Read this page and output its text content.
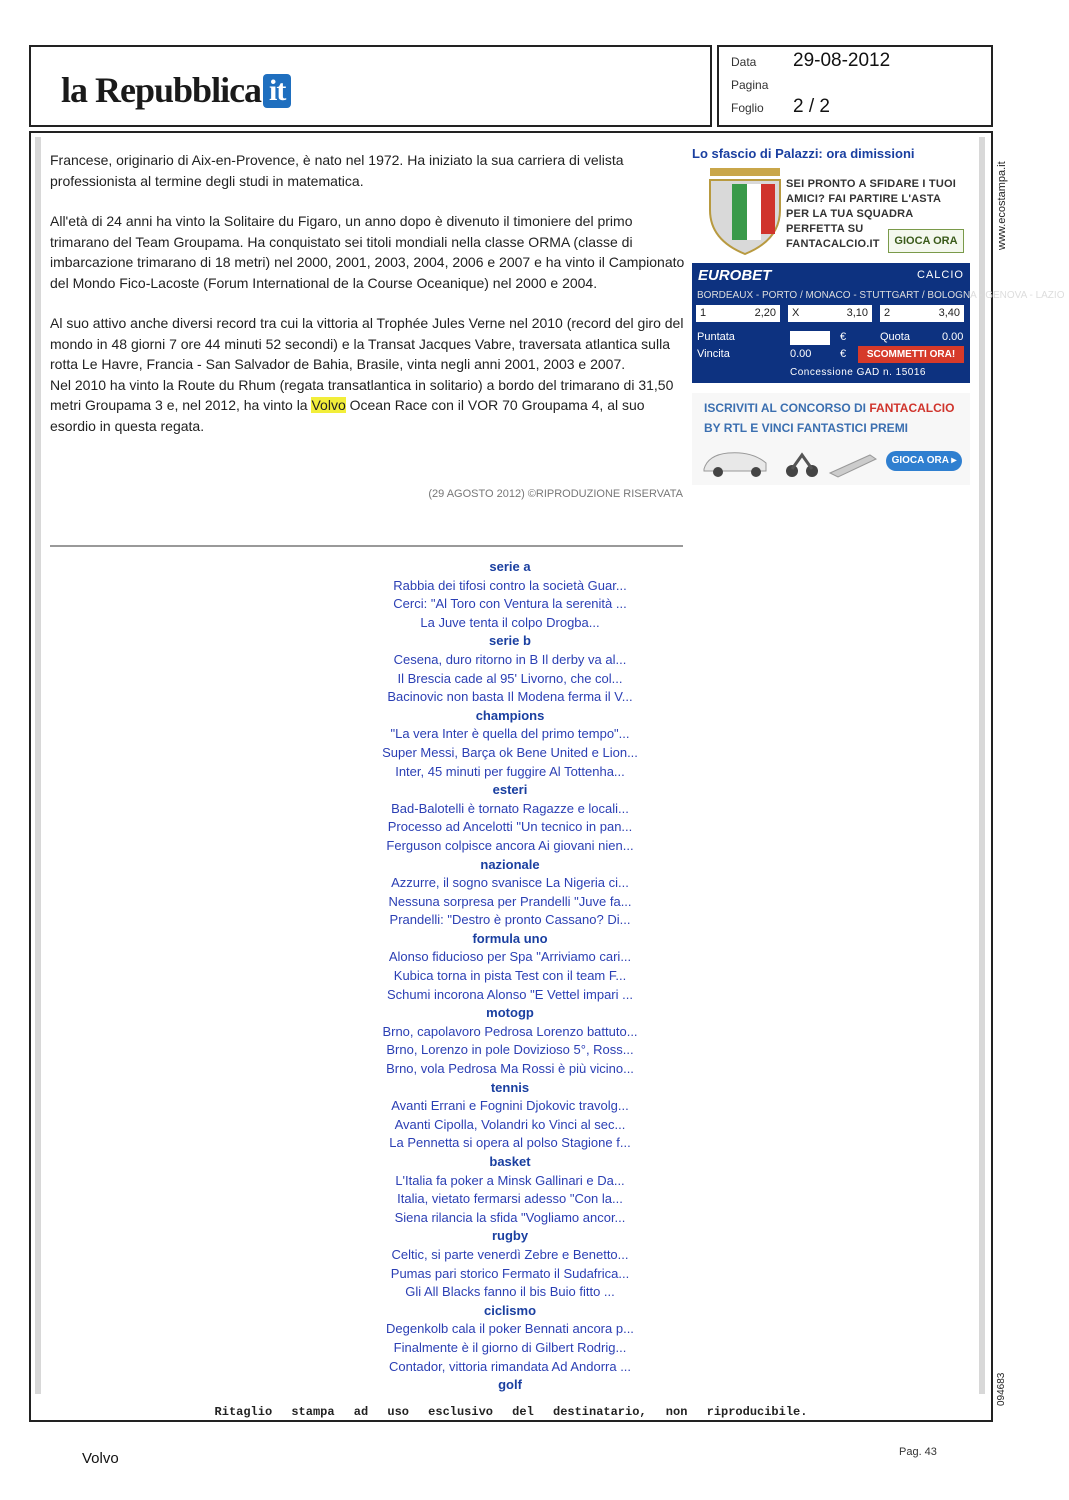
la Repubblica it
Data 29-08-2012
Pagina
Foglio 2 / 2

Francese, originario di Aix-en-Provence, è nato nel 1972. Ha iniziato la sua carriera di velista professionista al termine degli studi in matematica.

All'età di 24 anni ha vinto la Solitaire du Figaro, un anno dopo è divenuto il timoniere del primo trimarano del Team Groupama. Ha conquistato sei titoli mondiali nella classe ORMA (classe di imbarcazione trimarano di 18 metri) nel 2000, 2001, 2003, 2004, 2006 e 2007 e ha vinto il Campionato del Mondo Fico-Lacoste (Forum International de la Course Oceanique) nel 2000 e 2004.

Al suo attivo anche diversi record tra cui la vittoria al Trophée Jules Verne nel 2010 (record del giro del mondo in 48 giorni 7 ore 44 minuti 52 secondi) e la Transat Jacques Vabre, traversata atlantica sulla rotta Le Havre, Francia - San Salvador de Bahia, Brasile, vinta negli anni 2001, 2003 e 2007.

Nel 2010 ha vinto la Route du Rhum (regata transatlantica in solitario) a bordo del trimarano di 31,50 metri Groupama 3 e, nel 2012, ha vinto la Volvo Ocean Race con il VOR 70 Groupama 4, al suo esordio in questa regata.

(29 AGOSTO 2012) ©RIPRODUZIONE RISERVATA
serie a
Rabbia dei tifosi contro la società Guar...
Cerci: "Al Toro con Ventura la serenità ...
La Juve tenta il colpo Drogba...
serie b
Cesena, duro ritorno in B Il derby va al...
Il Brescia cade al 95' Livorno, che col...
Bacinovic non basta Il Modena ferma il V...
champions
"La vera Inter è quella del primo tempo"...
Super Messi, Barça ok Bene United e Lion...
Inter, 45 minuti per fuggire Al Tottenha...
esteri
Bad-Balotelli è tornato Ragazze e locali...
Processo ad Ancelotti "Un tecnico in pan...
Ferguson colpisce ancora Ai giovani nien...
nazionale
Azzurre, il sogno svanisce La Nigeria ci...
Nessuna sorpresa per Prandelli "Juve fa...
Prandelli: "Destro è pronto Cassano? Di...
formula uno
Alonso fiducioso per Spa "Arriviamo cari...
Kubica torna in pista Test con il team F...
Schumi incorona Alonso "E Vettel impari ...
motogp
Brno, capolavoro Pedrosa Lorenzo battuto...
Brno, Lorenzo in pole Dovizioso 5°, Ross...
Brno, vola Pedrosa Ma Rossi è più vicino...
tennis
Avanti Errani e Fognini Djokovic travolg...
Avanti Cipolla, Volandri ko Vinci al sec...
La Pennetta si opera al polso Stagione f...
basket
L'Italia fa poker a Minsk Gallinari e Da...
Italia, vietato fermarsi adesso "Con la...
Siena rilancia la sfida "Vogliamo ancor...
rugby
Celtic, si parte venerdì Zebre e Benetto...
Pumas pari storico Fermato il Sudafrica...
Gli All Blacks fanno il bis Buio fitto ...
ciclismo
Degenkolb cala il poker Bennati ancora p...
Finalmente è il giorno di Gilbert Rodrig...
Contador, vittoria rimandata Ad Andorra ...
golf
Lo sfascio di Palazzi: ora dimissioni
SEI PRONTO A SFIDARE I TUOI AMICI? FAI PARTIRE L'ASTA PER LA TUA SQUADRA PERFETTA SU FANTACALCIO.IT	GIOCA ORA
EUROBET	CALCIO
BORDEAUX - PORTO / MONACO - STUTTGART / BOLOGNA - GENOVA - LAZIO
1	2,20	X	3,10	2	3,40
Puntata	€	Quota	0.00
Vincita	0.00	€	SCOMMETTI ORA!
Concessione GAD n. 15016
ISCRIVITI AL CONCORSO DI FANTACALCIO
BY RTL E VINCI FANTASTICI PREMI
GIOCA ORA ▸
www.ecostampa.it
094683
Ritaglio stampa ad uso esclusivo del destinatario, non riproducibile.
Volvo	Pag. 43
